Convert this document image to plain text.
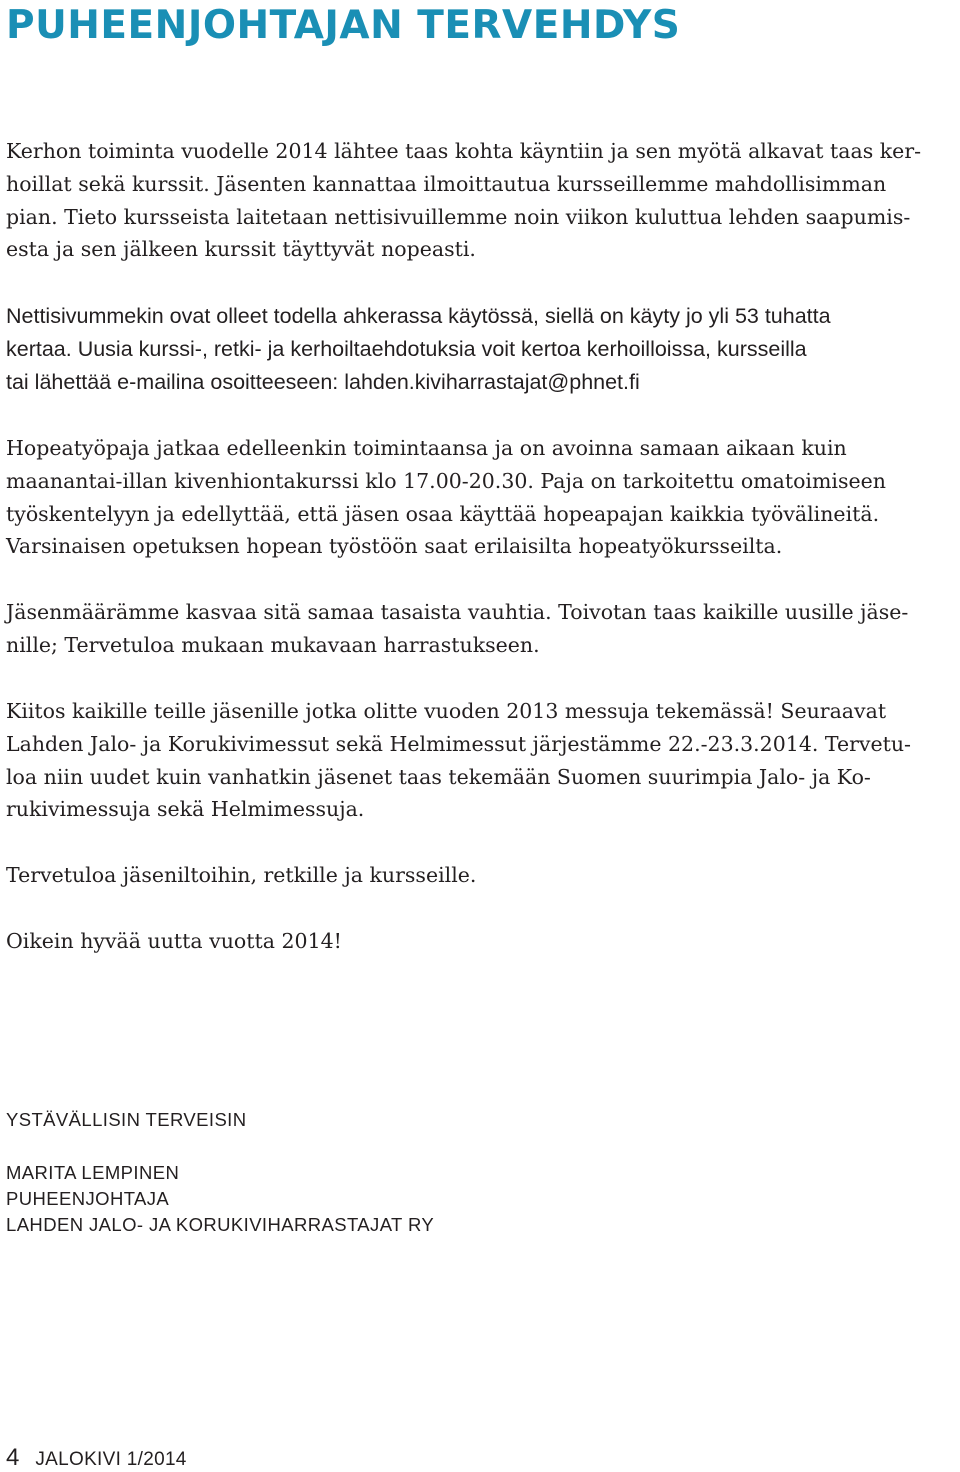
PUHEENJOHTAJAN TERVEHDYS

Kerhon toiminta vuodelle 2014 lähtee taas kohta käyntiin ja sen myötä alkavat taas ker-
hoillat sekä kurssit. Jäsenten kannattaa ilmoittautua kursseillemme mahdollisimman
pian. Tieto kursseista laitetaan nettisivuillemme noin viikon kuluttua lehden saapumis-
esta ja sen jälkeen kurssit täyttyvät nopeasti.

Nettisivummekin ovat olleet todella ahkerassa käytössä, siellä on käyty jo yli 53 tuhatta
kertaa. Uusia kurssi-, retki- ja kerhoiltaehdotuksia voit kertoa kerhoilloissa, kursseilla
tai lähettää e-mailina osoitteeseen: lahden.kiviharrastajat@phnet.fi

Hopeatyöpaja jatkaa edelleenkin toimintaansa ja on avoinna samaan aikaan kuin
maanantai-illan kivenhiontakurssi klo 17.00-20.30. Paja on tarkoitettu omatoimiseen
työskentelyyn ja edellyttää, että jäsen osaa käyttää hopeapajan kaikkia työvälineitä.
Varsinaisen opetuksen hopean työstöön saat erilaisilta hopeatyökursseilta.

Jäsenmäärämme kasvaa sitä samaa tasaista vauhtia. Toivotan taas kaikille uusille jäse-
nille; Tervetuloa mukaan mukavaan harrastukseen.

Kiitos kaikille teille jäsenille jotka olitte vuoden 2013 messuja tekemässä! Seuraavat
Lahden Jalo- ja Korukivimessut sekä Helmimessut järjestämme 22.-23.3.2014. Tervetu-
loa niin uudet kuin vanhatkin jäsenet taas tekemään Suomen suurimpia Jalo- ja Ko-
rukivimessuja sekä Helmimessuja.

Tervetuloa jäseniltoihin, retkille ja kursseille.

Oikein hyvää uutta vuotta 2014!

YSTÄVÄLLISIN TERVEISIN
MARITA LEMPINEN
PUHEENJOHTAJA
LAHDEN JALO- JA KORUKIVIHARRASTAJAT RY
4 JALOKIVI 1/2014
